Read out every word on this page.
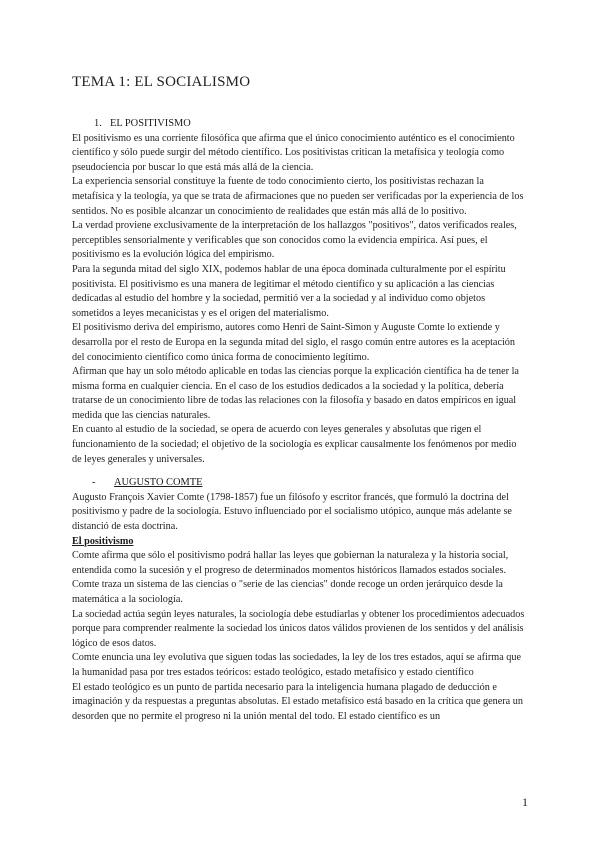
TEMA 1: EL SOCIALISMO
1. EL POSITIVISMO

El positivismo es una corriente filosófica que afirma que el único conocimiento auténtico es el conocimiento científico y sólo puede surgir del método científico. Los positivistas critican la metafísica y teología como pseudociencia por buscar lo que está más allá de la ciencia.

La experiencia sensorial constituye la fuente de todo conocimiento cierto, los positivistas rechazan la metafísica y la teología, ya que se trata de afirmaciones que no pueden ser verificadas por la experiencia de los sentidos. No es posible alcanzar un conocimiento de realidades que están más allá de lo positivo.

La verdad proviene exclusivamente de la interpretación de los hallazgos "positivos", datos verificados reales, perceptibles sensorialmente y verificables que son conocidos como la evidencia empírica. Así pues, el positivismo es la evolución lógica del empirismo.

Para la segunda mitad del siglo XIX, podemos hablar de una época dominada culturalmente por el espíritu positivista. El positivismo es una manera de legitimar el método científico y su aplicación a las ciencias dedicadas al estudio del hombre y la sociedad, permitió ver a la sociedad y al individuo como objetos sometidos a leyes mecanicistas y es el origen del materialismo.

El positivismo deriva del empirismo, autores como Henri de Saint-Simon y Auguste Comte lo extiende y desarrolla por el resto de Europa en la segunda mitad del siglo, el rasgo común entre autores es la aceptación del conocimiento científico como única forma de conocimiento legítimo.

Afirman que hay un solo método aplicable en todas las ciencias porque la explicación científica ha de tener la misma forma en cualquier ciencia. En el caso de los estudios dedicados a la sociedad y la política, debería tratarse de un conocimiento libre de todas las relaciones con la filosofía y basado en datos empíricos en igual medida que las ciencias naturales.

En cuanto al estudio de la sociedad, se opera de acuerdo con leyes generales y absolutas que rigen el funcionamiento de la sociedad; el objetivo de la sociología es explicar causalmente los fenómenos por medio de leyes generales y universales.

- AUGUSTO COMTE

Augusto François Xavier Comte (1798-1857) fue un filósofo y escritor francés, que formuló la doctrina del positivismo y padre de la sociología. Estuvo influenciado por el socialismo utópico, aunque más adelante se distanció de esta doctrina.

El positivismo

Comte afirma que sólo el positivismo podrá hallar las leyes que gobiernan la naturaleza y la historia social, entendida como la sucesión y el progreso de determinados momentos históricos llamados estados sociales. Comte traza un sistema de las ciencias o "serie de las ciencias" donde recoge un orden jerárquico desde la matemática a la sociología.

La sociedad actúa según leyes naturales, la sociología debe estudiarlas y obtener los procedimientos adecuados porque para comprender realmente la sociedad los únicos datos válidos provienen de los sentidos y del análisis lógico de esos datos.

Comte enuncia una ley evolutiva que siguen todas las sociedades, la ley de los tres estados, aquí se afirma que la humanidad pasa por tres estados teóricos: estado teológico, estado metafísico y estado científico

El estado teológico es un punto de partida necesario para la inteligencia humana plagado de deducción e imaginación y da respuestas a preguntas absolutas. El estado metafísico está basado en la crítica que genera un desorden que no permite el progreso ni la unión mental del todo. El estado científico es un

1
